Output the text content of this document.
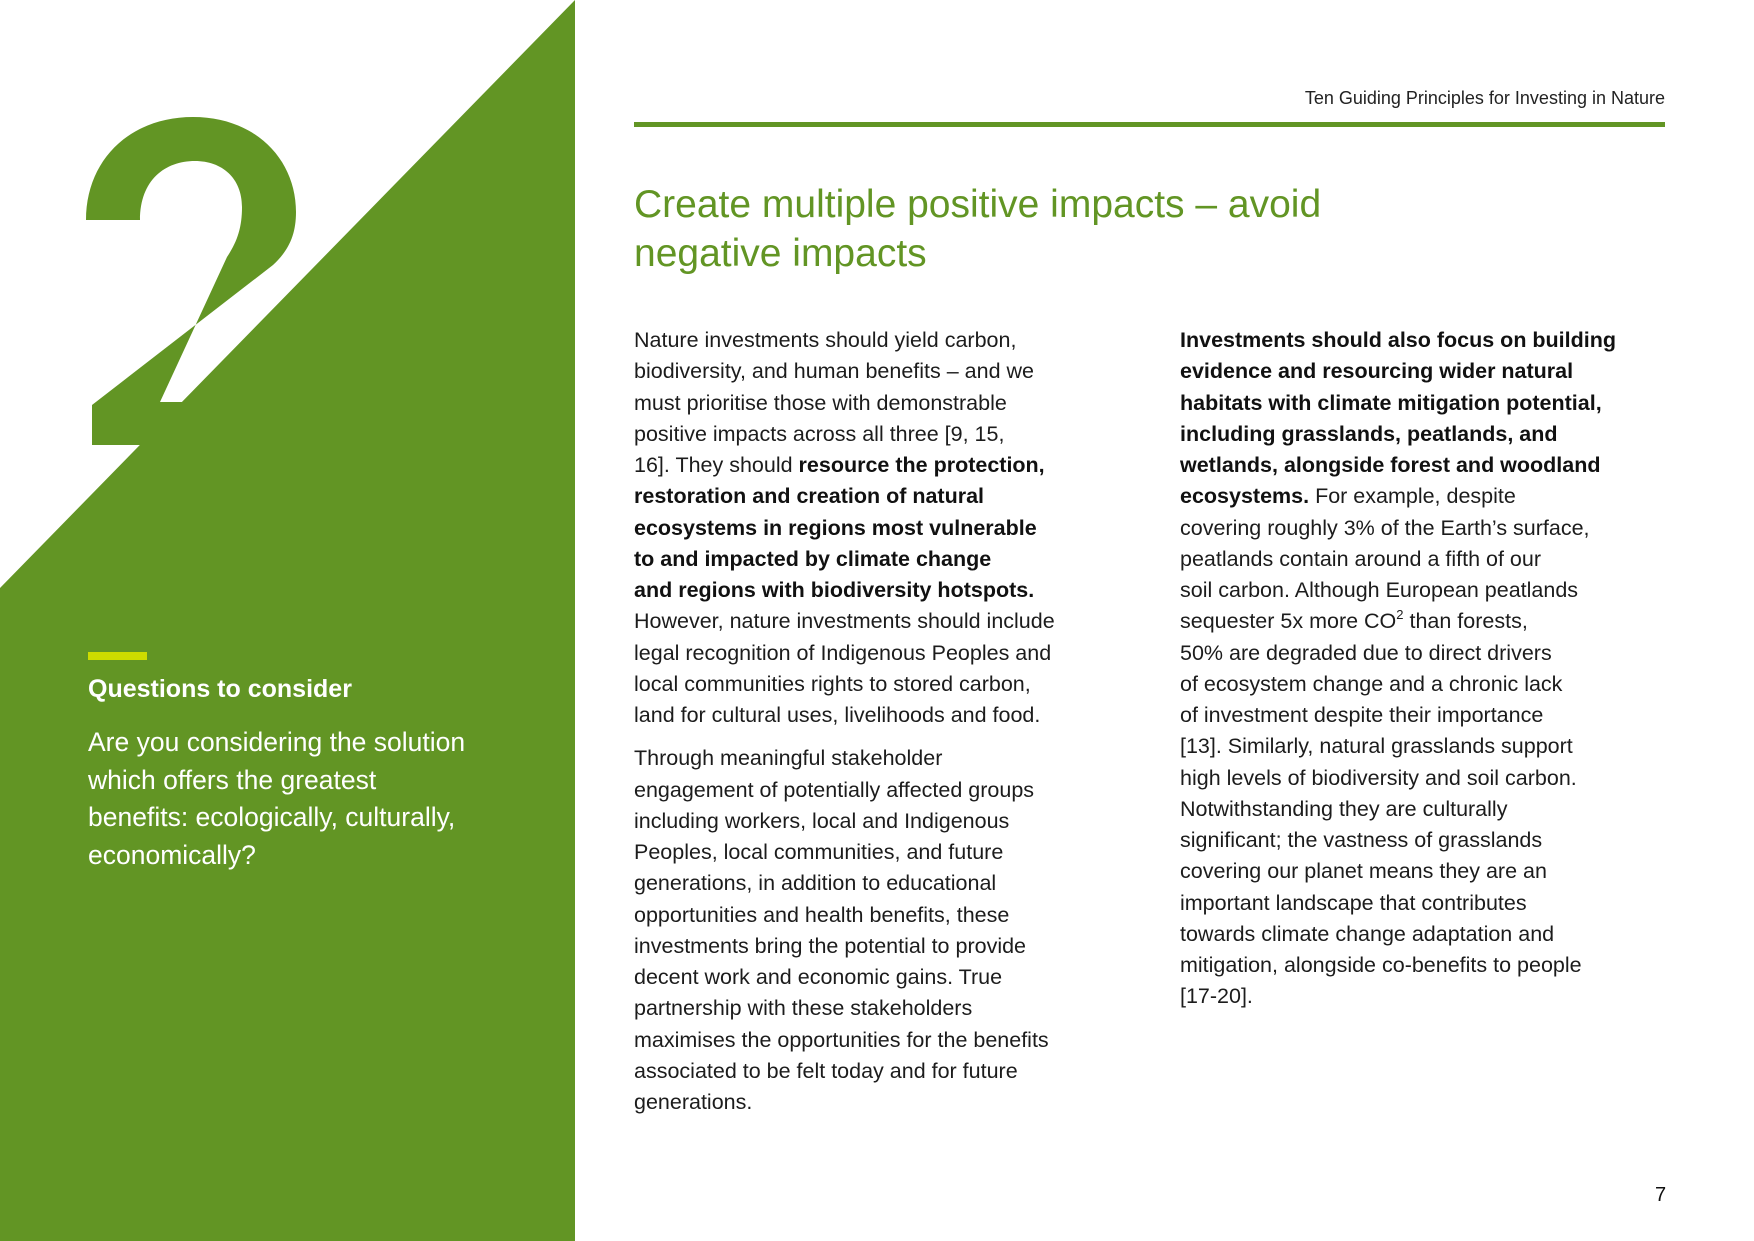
Ten Guiding Principles for Investing in Nature
Create multiple positive impacts – avoid
negative impacts
Questions to consider
Are you considering the solution
which offers the greatest
benefits: ecologically, culturally,
economically?
Nature investments should yield carbon,
biodiversity, and human benefits – and we
must prioritise those with demonstrable
positive impacts across all three [9, 15,
16]. They should resource the protection,
restoration and creation of natural
ecosystems in regions most vulnerable
to and impacted by climate change
and regions with biodiversity hotspots.
However, nature investments should include
legal recognition of Indigenous Peoples and
local communities rights to stored carbon,
land for cultural uses, livelihoods and food.
Through meaningful stakeholder
engagement of potentially affected groups
including workers, local and Indigenous
Peoples, local communities, and future
generations, in addition to educational
opportunities and health benefits, these
investments bring the potential to provide
decent work and economic gains. True
partnership with these stakeholders
maximises the opportunities for the benefits
associated to be felt today and for future
generations.
Investments should also focus on building
evidence and resourcing wider natural
habitats with climate mitigation potential,
including grasslands, peatlands, and
wetlands, alongside forest and woodland
ecosystems. For example, despite
covering roughly 3% of the Earth’s surface,
peatlands contain around a fifth of our
soil carbon. Although European peatlands
sequester 5x more $CO^2$ than forests,
50% are degraded due to direct drivers
of ecosystem change and a chronic lack
of investment despite their importance
[13]. Similarly, natural grasslands support
high levels of biodiversity and soil carbon.
Notwithstanding they are culturally
significant; the vastness of grasslands
covering our planet means they are an
important landscape that contributes
towards climate change adaptation and
mitigation, alongside co-benefits to people
[17-20].
7
